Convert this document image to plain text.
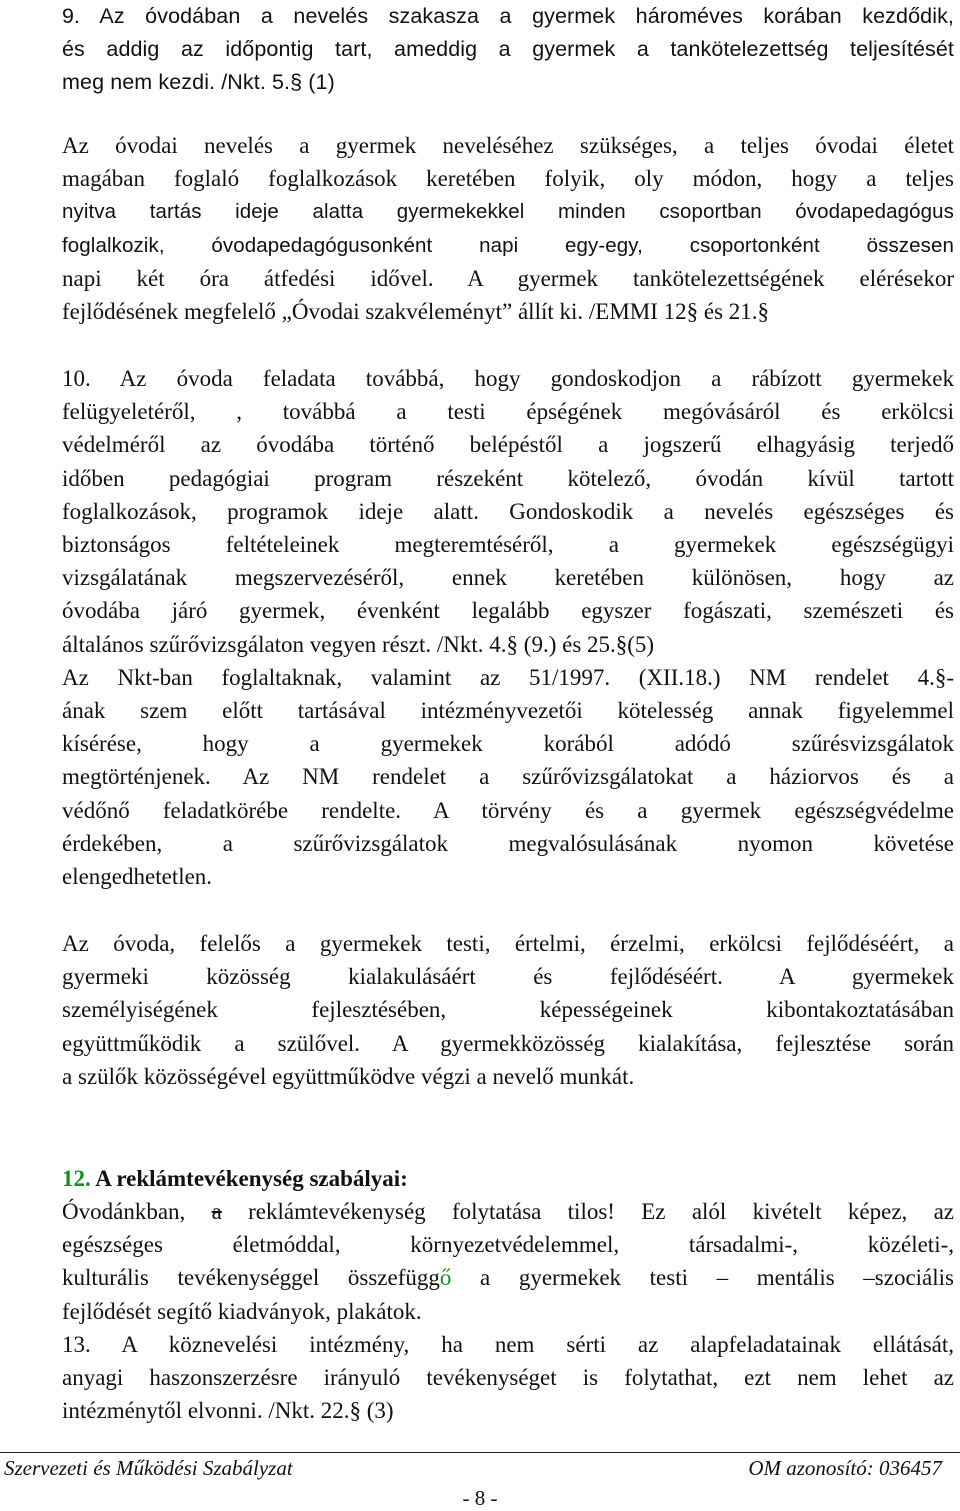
9. Az óvodában a nevelés szakasza a gyermek hároméves korában kezdődik,
és addig az időpontig tart, ameddig a gyermek a tankötelezettség teljesítését
meg nem kezdi. /Nkt. 5.§ (1)

Az óvodai nevelés a gyermek neveléséhez szükséges, a teljes óvodai életet
magában foglaló foglalkozások keretében folyik, oly módon, hogy a teljes

nyitva tartás ideje alatta gyermekekkel minden csoportban óvodapedagógus
foglalkozik, óvodapedagógusonként napi egy-egy, csoportonként összesen

napi két óra átfedési idővel. A gyermek tankötelezettségének elérésekor
fejlődésének megfelelő „Óvodai szakvéleményt” állít ki. /EMMI 12§ és 21.§

10. Az óvoda feladata továbbá, hogy gondoskodjon a rábízott gyermekek
felügyeletéről, , továbbá a testi épségének megóvásáról és erkölcsi
védelméről az óvodába történő belépéstől a jogszerű elhagyásig terjedő
időben pedagógiai program részeként kötelező, óvodán kívül tartott
foglalkozások, programok ideje alatt. Gondoskodik a nevelés egészséges és
biztonságos feltételeinek megteremtéséről, a gyermekek egészségügyi
vizsgálatának megszervezéséről, ennek keretében különösen, hogy az
óvodába járó gyermek, évenként legalább egyszer fogászati, szemészeti és
általános szűrővizsgálaton vegyen részt. /Nkt. 4.§ (9.) és 25.§(5)
Az Nkt-ban foglaltaknak, valamint az 51/1997. (XII.18.) NM rendelet 4.§-
ának szem előtt tartásával intézményvezetői kötelesség annak figyelemmel
kísérése, hogy a gyermekek korából adódó szűrésvizsgálatok
megtörténjenek. Az NM rendelet a szűrővizsgálatokat a háziorvos és a
védőnő feladatkörébe rendelte. A törvény és a gyermek egészségvédelme
érdekében, a szűrővizsgálatok megvalósulásának nyomon követése
elengedhetetlen.

Az óvoda, felelős a gyermekek testi, értelmi, érzelmi, erkölcsi fejlődéséért, a
gyermeki közösség kialakulásáért és fejlődéséért. A gyermekek
személyiségének fejlesztésében, képességeinek kibontakoztatásában
együttműködik a szülővel. A gyermekközösség kialakítása, fejlesztése során
a szülők közösségével együttműködve végzi a nevelő munkát.

12. A reklámtevékenység szabályai:

Óvodánkban, a reklámtevékenység folytatása tilos! Ez alól kivételt képez, az
egészséges életmóddal, környezetvédelemmel, társadalmi-, közéleti-,
kulturális tevékenységgel összefüggő a gyermekek testi – mentális –szociális
fejlődését segítő kiadványok, plakátok.

13. A köznevelési intézmény, ha nem sérti az alapfeladatainak ellátását,
anyagi haszonszerzésre irányuló tevékenységet is folytathat, ezt nem lehet az
intézménytől elvonni. /Nkt. 22.§ (3)

Szervezeti és Működési Szabályzat	OM azonosító: 036457
- 8 -
